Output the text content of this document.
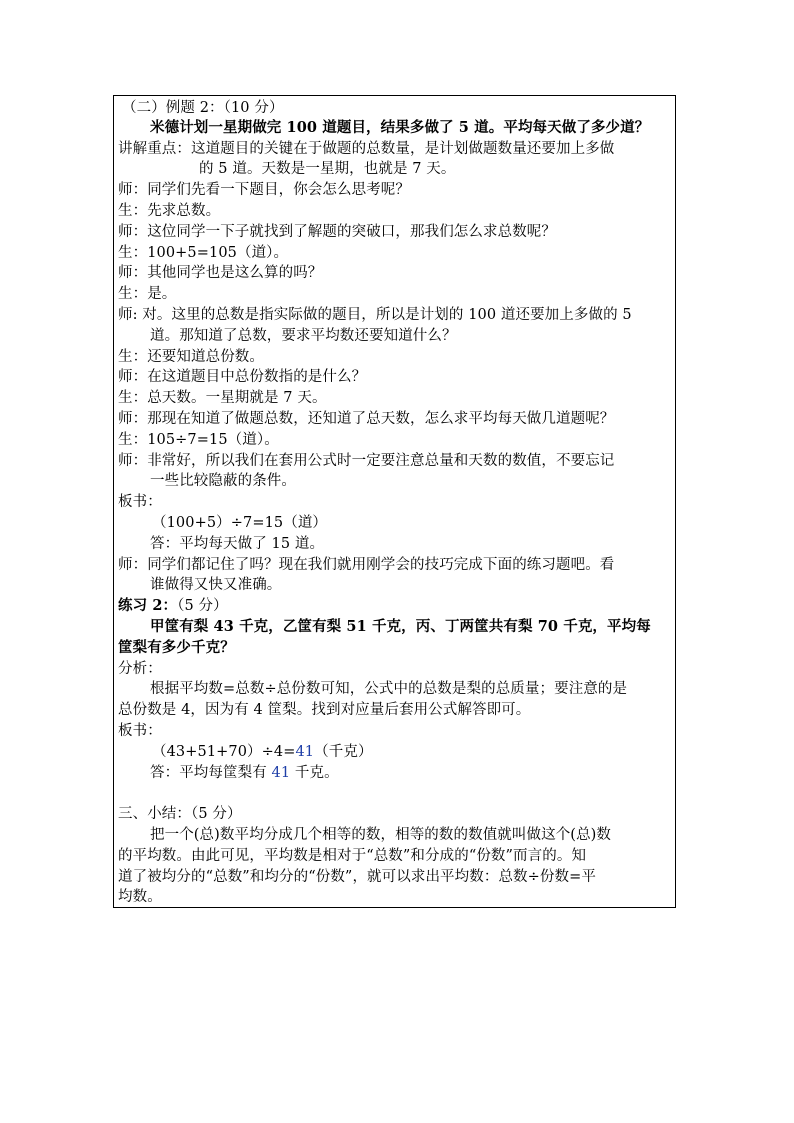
（二）例题 2：（10 分）
米德计划一星期做完 100 道题目，结果多做了 5 道。平均每天做了多少道？
讲解重点：这道题目的关键在于做题的总数量，是计划做题数量还要加上多做
的 5 道。天数是一星期，也就是 7 天。
师：同学们先看一下题目，你会怎么思考呢？
生：先求总数。
师：这位同学一下子就找到了解题的突破口，那我们怎么求总数呢？
生：100+5=105（道）。
师：其他同学也是这么算的吗？
生：是。
师: 对。这里的总数是指实际做的题目，所以是计划的 100 道还要加上多做的 5
道。那知道了总数，要求平均数还要知道什么？
生：还要知道总份数。
师：在这道题目中总份数指的是什么？
生：总天数。一星期就是 7 天。
师：那现在知道了做题总数，还知道了总天数，怎么求平均每天做几道题呢？
生：105÷7=15（道）。
师：非常好，所以我们在套用公式时一定要注意总量和天数的数值，不要忘记
一些比较隐蔽的条件。
板书：
（100+5）÷7=15（道）
答：平均每天做了 15 道。
师：同学们都记住了吗？现在我们就用刚学会的技巧完成下面的练习题吧。看
谁做得又快又准确。
练习 2：（5 分）
甲筐有梨 43 千克，乙筐有梨 51 千克，丙、丁两筐共有梨 70 千克，平均每
筐梨有多少千克？
分析：
根据平均数=总数÷总份数可知，公式中的总数是梨的总质量；要注意的是
总份数是 4，因为有 4 筐梨。找到对应量后套用公式解答即可。
板书：
（43+51+70）÷4=41（千克）
答：平均每筐梨有 41 千克。
三、小结：（5 分）
把一个(总)数平均分成几个相等的数，相等的数的数值就叫做这个(总)数
的平均数。由此可见，平均数是相对于“总数”和分成的“份数”而言的。知
道了被均分的“总数”和均分的“份数”，就可以求出平均数：总数÷份数=平
均数。
